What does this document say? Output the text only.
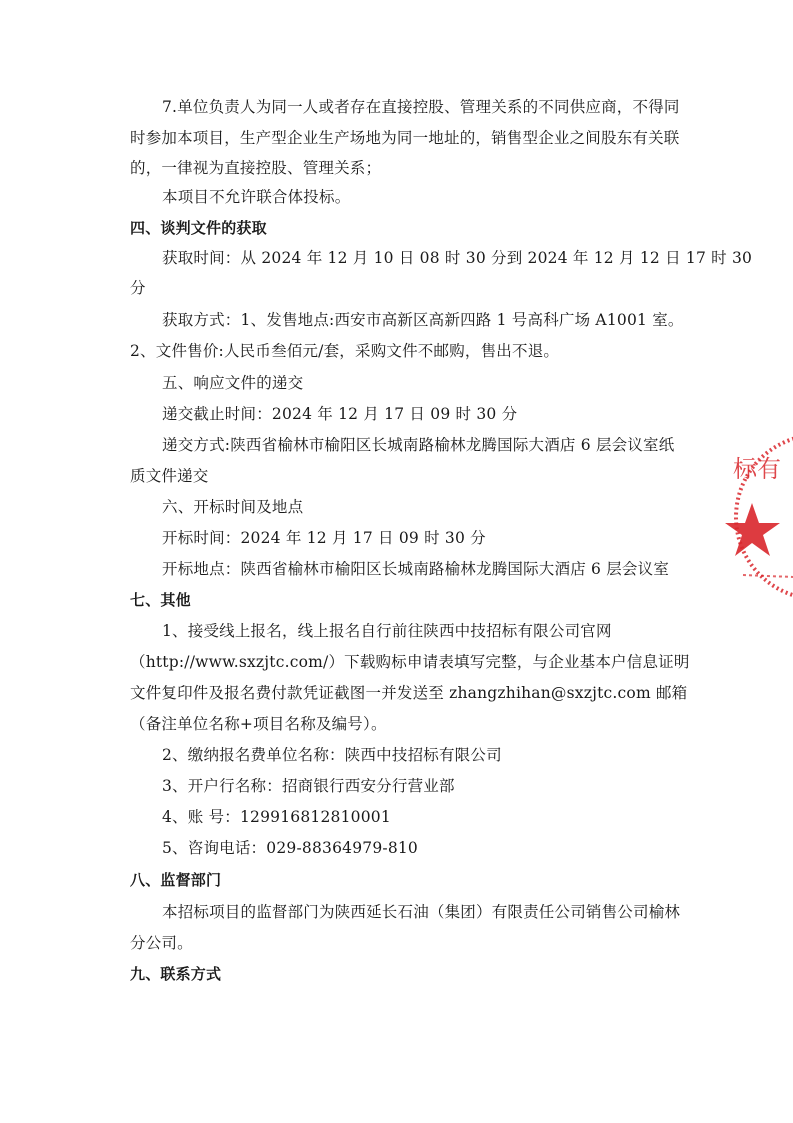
7.单位负责人为同一人或者存在直接控股、管理关系的不同供应商，不得同
时参加本项目，生产型企业生产场地为同一地址的，销售型企业之间股东有关联
的，一律视为直接控股、管理关系；
本项目不允许联合体投标。
四、谈判文件的获取
获取时间：从 2024 年 12 月 10 日 08 时 30 分到 2024 年 12 月 12 日 17 时 30
分
获取方式：1、发售地点:西安市高新区高新四路 1 号高科广场 A1001 室。
2、文件售价:人民币叁佰元/套，采购文件不邮购，售出不退。
五、响应文件的递交
递交截止时间：2024 年 12 月 17 日 09 时 30 分
递交方式:陕西省榆林市榆阳区长城南路榆林龙腾国际大酒店 6 层会议室纸
质文件递交
六、开标时间及地点
开标时间：2024 年 12 月 17 日 09 时 30 分
开标地点：陕西省榆林市榆阳区长城南路榆林龙腾国际大酒店 6 层会议室
七、其他
1、接受线上报名，线上报名自行前往陕西中技招标有限公司官网
（http://www.sxzjtc.com/）下载购标申请表填写完整，与企业基本户信息证明
文件复印件及报名费付款凭证截图一并发送至 zhangzhihan@sxzjtc.com 邮箱
（备注单位名称+项目名称及编号）。
2、缴纳报名费单位名称：陕西中技招标有限公司
3、开户行名称：招商银行西安分行营业部
4、账 号：129916812810001
5、咨询电话：029-88364979-810
八、监督部门
本招标项目的监督部门为陕西延长石油（集团）有限责任公司销售公司榆林
分公司。
九、联系方式
标有
